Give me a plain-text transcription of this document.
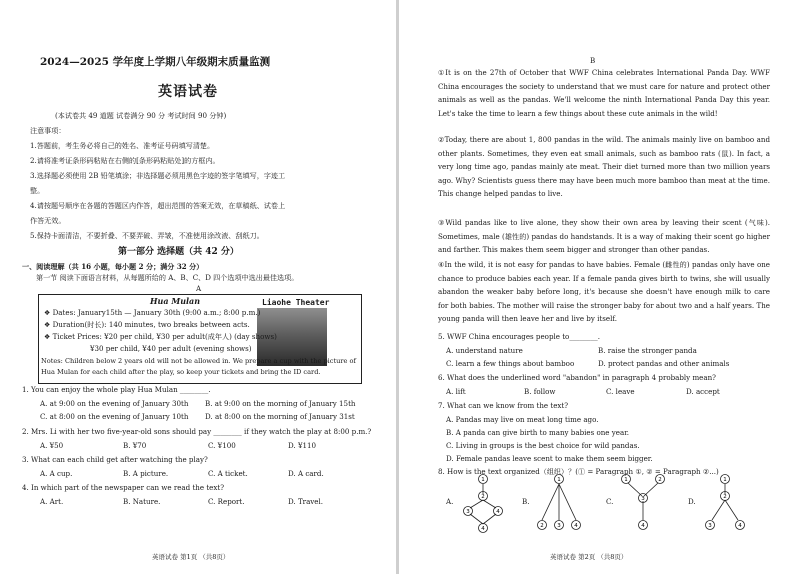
2024—2025 学年度上学期八年级期末质量监测
英语试卷
(本试卷共 49 道题 试卷满分 90 分 考试时间 90 分钟)
注意事项：
1.答题前，考生务必将自己的姓名、准考证号码填写清楚。
2.请将准考证条形码粘贴在右侧的[条形码粘贴处]的方框内。
3.选择题必须使用 2B 铅笔填涂；非选择题必须用黑色字迹的签字笔填写，字迹工
整。
4.请按题号顺序在各题的答题区内作答，超出范围的答案无效，在草稿纸、试卷上
作答无效。
5.保持卡面清洁，不要折叠、不要弄破、弄皱，不准使用涂改液、刮纸刀。
第一部分 选择题（共 42 分）
一、阅读理解（共 16 小题，每小题 2 分；满分 32 分）
第一节 阅读下面语言材料，从每题所给的 A、B、C、D 四个选项中选出最佳选项。
A
Hua Mulan	Liaohe Theater
❖ Dates: January15th — January 30th (9:00 a.m.; 8:00 p.m.)
❖ Duration(时长): 140 minutes, two breaks between acts.
❖ Ticket Prices: ¥20 per child, ¥30 per adult(成年人) (day shows)
¥30 per child, ¥40 per adult (evening shows)
Notes: Children below 2 years old will not be allowed in. We prepare a cup with the picture of
Hua Mulan for each child after the play, so keep your tickets and bring the ID card.
1. You can enjoy the whole play Hua Mulan ________.
A. at 9:00 on the evening of January 30th B. at 9:00 on the morning of January 15th
C. at 8:00 on the evening of January 10th D. at 8:00 on the morning of January 31st
2. Mrs. Li with her two five-year-old sons should pay ________ if they watch the play at 8:00 p.m.?
A. ¥50	B. ¥70	C. ¥100	D. ¥110
3. What can each child get after watching the play?
A. A cup.	B. A picture.	C. A ticket.	D. A card.
4. In which part of the newspaper can we read the text?
A. Art.	B. Nature.	C. Report.	D. Travel.
英语试卷 第1页 （共8页）
B
①It is on the 27th of October that WWF China celebrates International Panda Day. WWF China encourages the society to understand that we must care for nature and protect other animals as well as the pandas. We'll welcome the ninth International Panda Day this year. Let's take the time to learn a few things about these cute animals in the wild!
②Today, there are about 1, 800 pandas in the wild. The animals mainly live on bamboo and other plants. Sometimes, they even eat small animals, such as bamboo rats (鼠). In fact, a very long time ago, pandas mainly ate meat. Their diet turned more than two million years ago. Why? Scientists guess there may have been much more bamboo than meat at the time. This change helped pandas to live.
③Wild pandas like to live alone, they show their own area by leaving their scent (气味). Sometimes, male (雄性的) pandas do handstands. It is a way of making their scent go higher and farther. This makes them seem bigger and stronger than other pandas.
④In the wild, it is not easy for pandas to have babies. Female (雌性的) pandas only have one chance to produce babies each year. If a female panda gives birth to twins, she will usually abandon the weaker baby before long, it's because she doesn't have enough milk to care for both babies. The mother will raise the stronger baby for about two and a half years. The young panda will then leave her and live by itself.
5. WWF China encourages people to________.
A. understand nature	B. raise the stronger panda
C. learn a few things about bamboo	D. protect pandas and other animals
6. What does the underlined word "abandon" in paragraph 4 probably mean?
A. lift	B. follow	C. leave	D. accept
7. What can we know from the text?
A. Pandas may live on meat long time ago.
B. A panda can give birth to many babies one year.
C. Living in groups is the best choice for wild pandas.
D. Female pandas leave scent to make them seem bigger.
8. How is the text organized（组织）？(① = Paragraph ①, ② = Paragraph ②...)
A.	B.	C.	D.
1
2
3	4
4
1
2 3 4
1	2
3
4
1
2
3	4
英语试卷 第2页 （共8页）
